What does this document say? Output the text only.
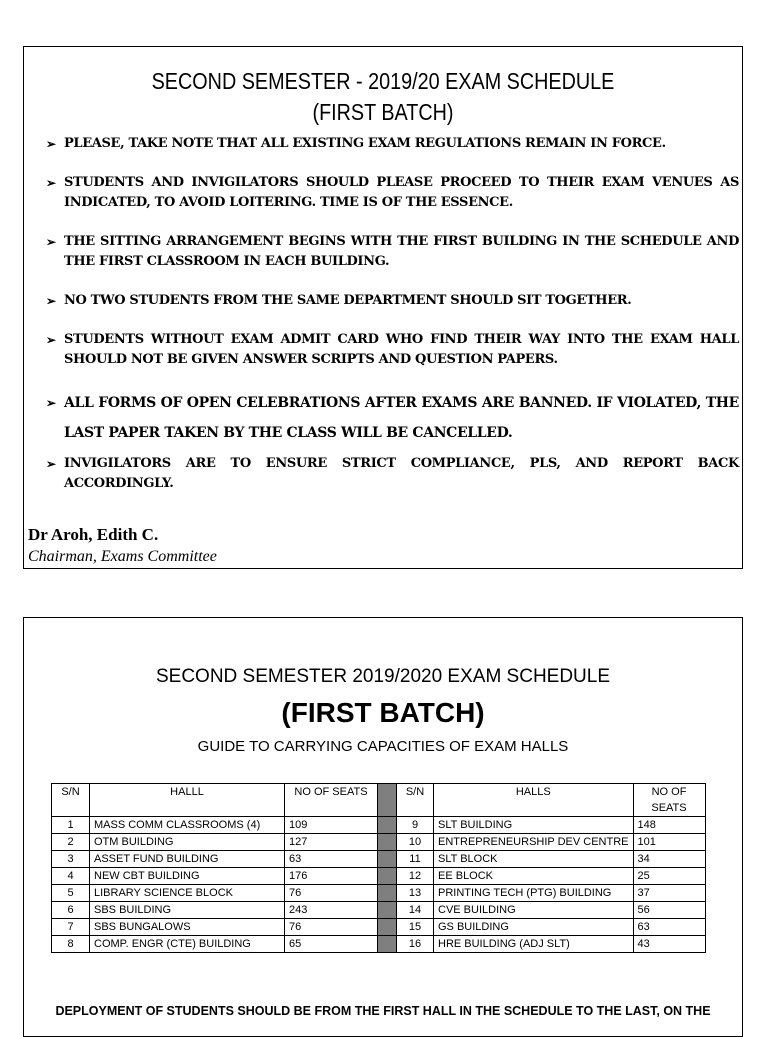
SECOND SEMESTER - 2019/20 EXAM SCHEDULE
(FIRST BATCH)
➢ PLEASE, TAKE NOTE THAT ALL EXISTING EXAM REGULATIONS REMAIN IN FORCE.
➢ STUDENTS AND INVIGILATORS SHOULD PLEASE PROCEED TO THEIR EXAM VENUES AS INDICATED, TO AVOID LOITERING. TIME IS OF THE ESSENCE.
➢ THE SITTING ARRANGEMENT BEGINS WITH THE FIRST BUILDING IN THE SCHEDULE AND THE FIRST CLASSROOM IN EACH BUILDING.
➢ NO TWO STUDENTS FROM THE SAME DEPARTMENT SHOULD SIT TOGETHER.
➢ STUDENTS WITHOUT EXAM ADMIT CARD WHO FIND THEIR WAY INTO THE EXAM HALL SHOULD NOT BE GIVEN ANSWER SCRIPTS AND QUESTION PAPERS.
➢ ALL FORMS OF OPEN CELEBRATIONS AFTER EXAMS ARE BANNED. IF VIOLATED, THE LAST PAPER TAKEN BY THE CLASS WILL BE CANCELLED.
➢ INVIGILATORS ARE TO ENSURE STRICT COMPLIANCE, PLS, AND REPORT BACK ACCORDINGLY.
Dr Aroh, Edith C.
Chairman, Exams Committee
SECOND SEMESTER 2019/2020 EXAM SCHEDULE
(FIRST BATCH)
GUIDE TO CARRYING CAPACITIES OF EXAM HALLS
S/N	HALLL	NO OF SEATS		S/N	HALLS	NO OF SEATS
1	MASS COMM CLASSROOMS (4)	109		9	SLT BUILDING	148
2	OTM BUILDING	127		10	ENTREPRENEURSHIP DEV CENTRE	101
3	ASSET FUND BUILDING	63		11	SLT BLOCK	34
4	NEW CBT BUILDING	176		12	EE BLOCK	25
5	LIBRARY SCIENCE BLOCK	76		13	PRINTING TECH (PTG) BUILDING	37
6	SBS BUILDING	243		14	CVE BUILDING	56
7	SBS BUNGALOWS	76		15	GS BUILDING	63
8	COMP. ENGR (CTE) BUILDING	65		16	HRE BUILDING (ADJ SLT)	43
DEPLOYMENT OF STUDENTS SHOULD BE FROM THE FIRST HALL IN THE SCHEDULE TO THE LAST, ON THE
